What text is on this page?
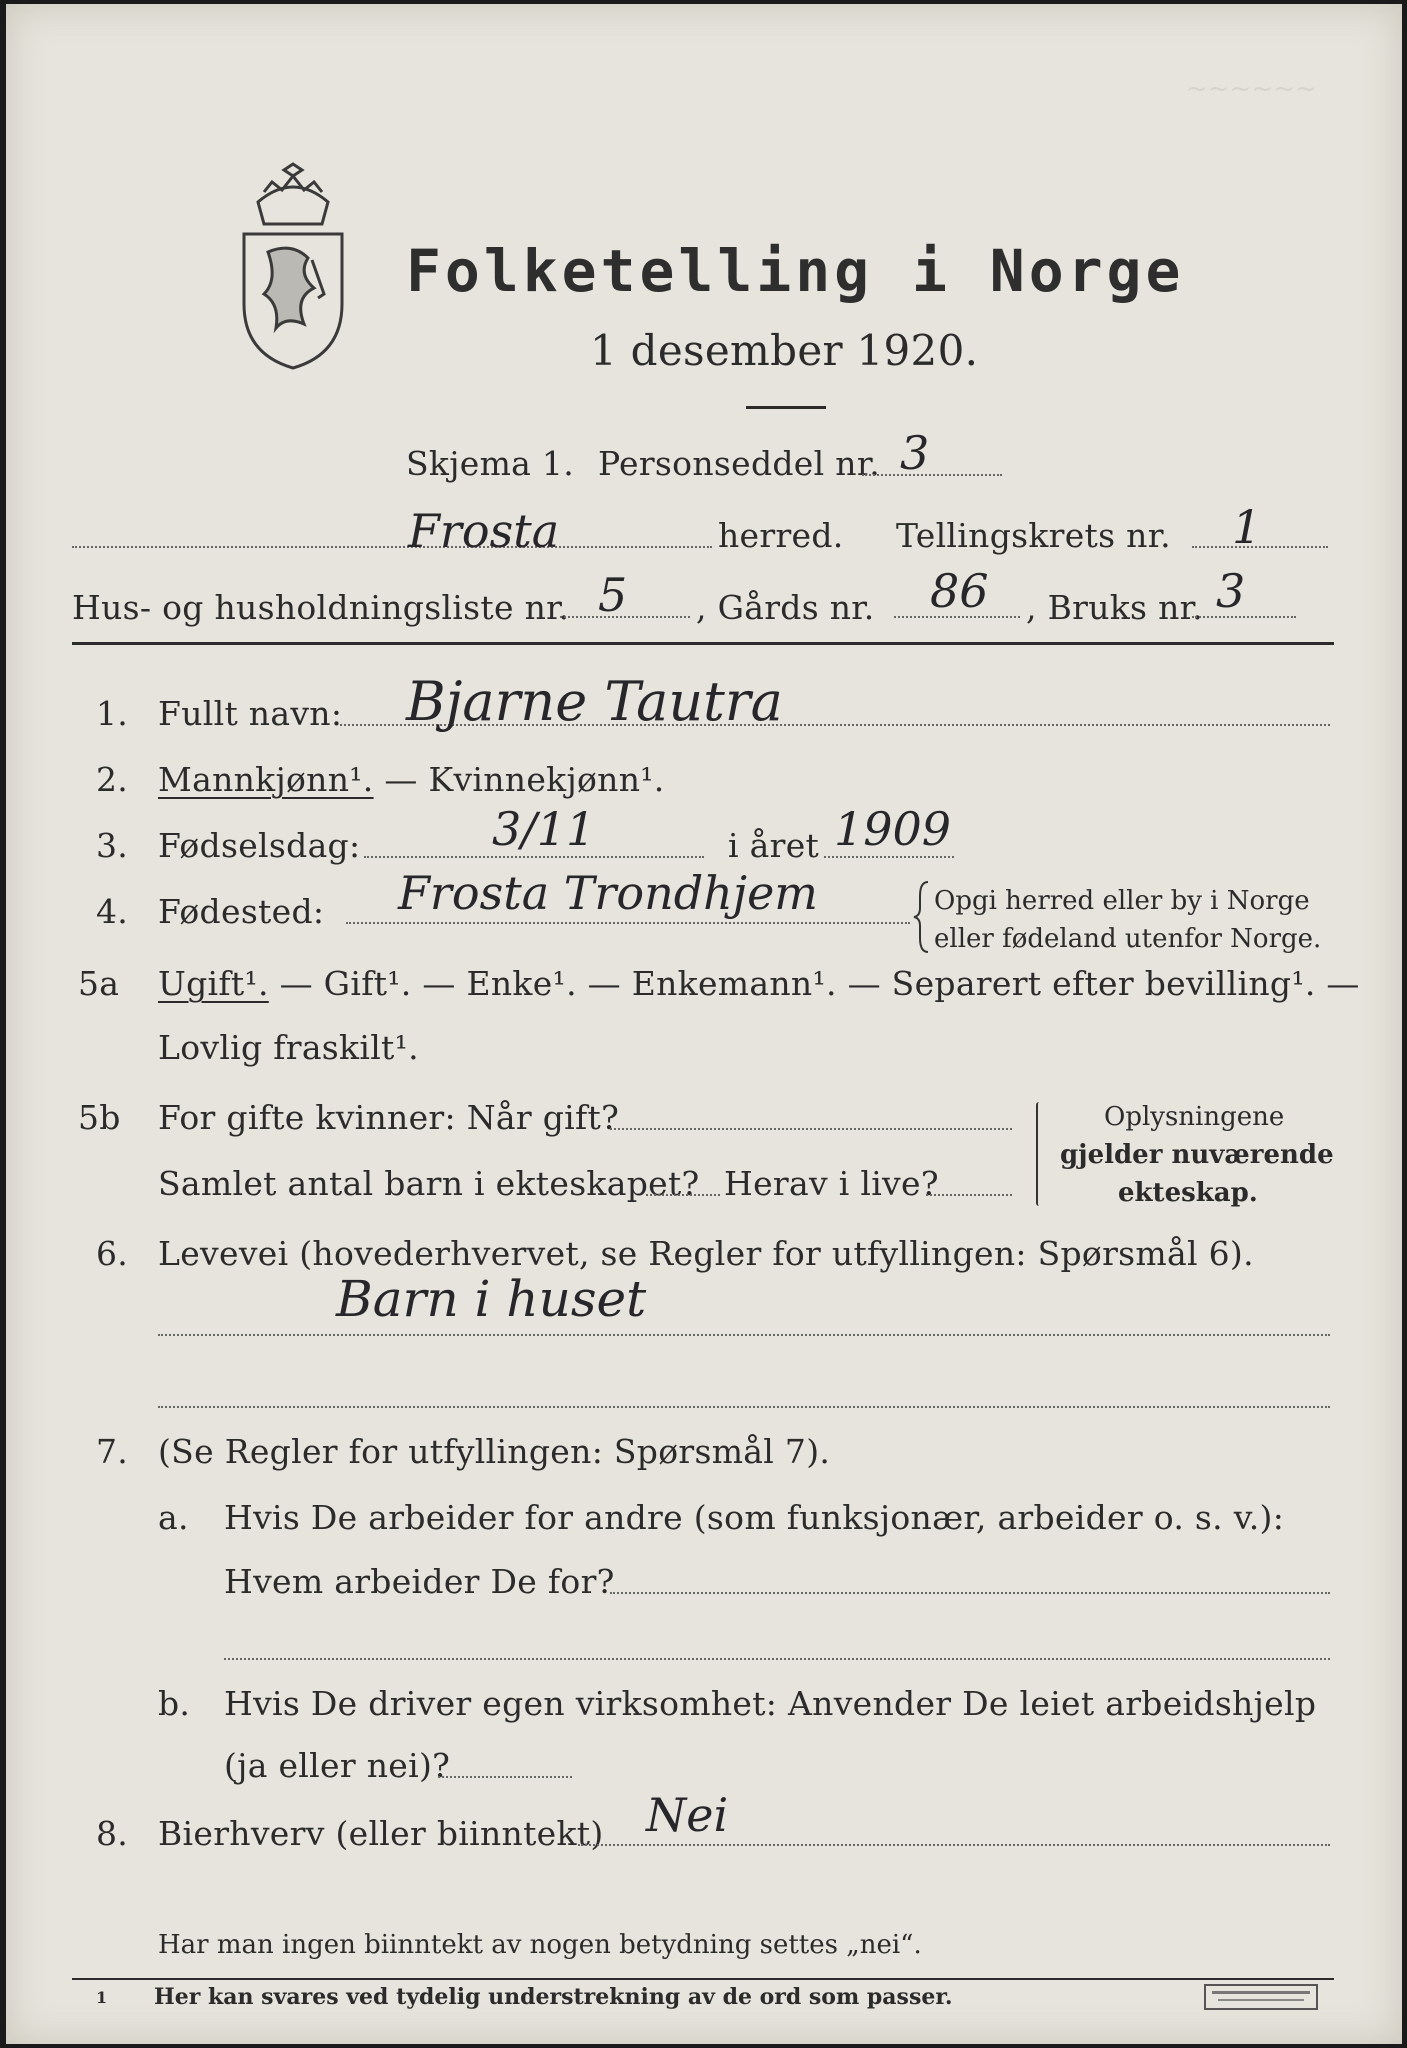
~~~~~~
Folketelling i Norge
1 desember 1920.
Skjema 1. Personseddel nr. 3
Frosta	herred. Tellingskrets nr. 1
Hus- og husholdningsliste nr. 5 , Gårds nr. 86 , Bruks nr. 3
1. Fullt navn: Bjarne Tautra
2. Mannkjønn¹. — Kvinnekjønn¹.
3. Fødselsdag:	3/11	i året 1909
4. Fødested: Frosta Trondhjem	Opgi herred eller by i Norge
eller fødeland utenfor Norge.
5a Ugift¹. — Gift¹. — Enke¹. — Enkemann¹. — Separert efter bevilling¹. —
Lovlig fraskilt¹.
5b For gifte kvinner: Når gift?
Samlet antal barn i ekteskapet? Herav i live?
Oplysningene
gjelder nuværende
ekteskap.
6. Levevei (hovederhvervet, se Regler for utfyllingen: Spørsmål 6).
Barn i huset
7. (Se Regler for utfyllingen: Spørsmål 7).
a. Hvis De arbeider for andre (som funksjonær, arbeider o. s. v.):
Hvem arbeider De for?
b. Hvis De driver egen virksomhet: Anvender De leiet arbeidshjelp
(ja eller nei)?
8. Bierhverv (eller biinntekt) Nei
Har man ingen biinntekt av nogen betydning settes „nei“.
1 Her kan svares ved tydelig understrekning av de ord som passer.
